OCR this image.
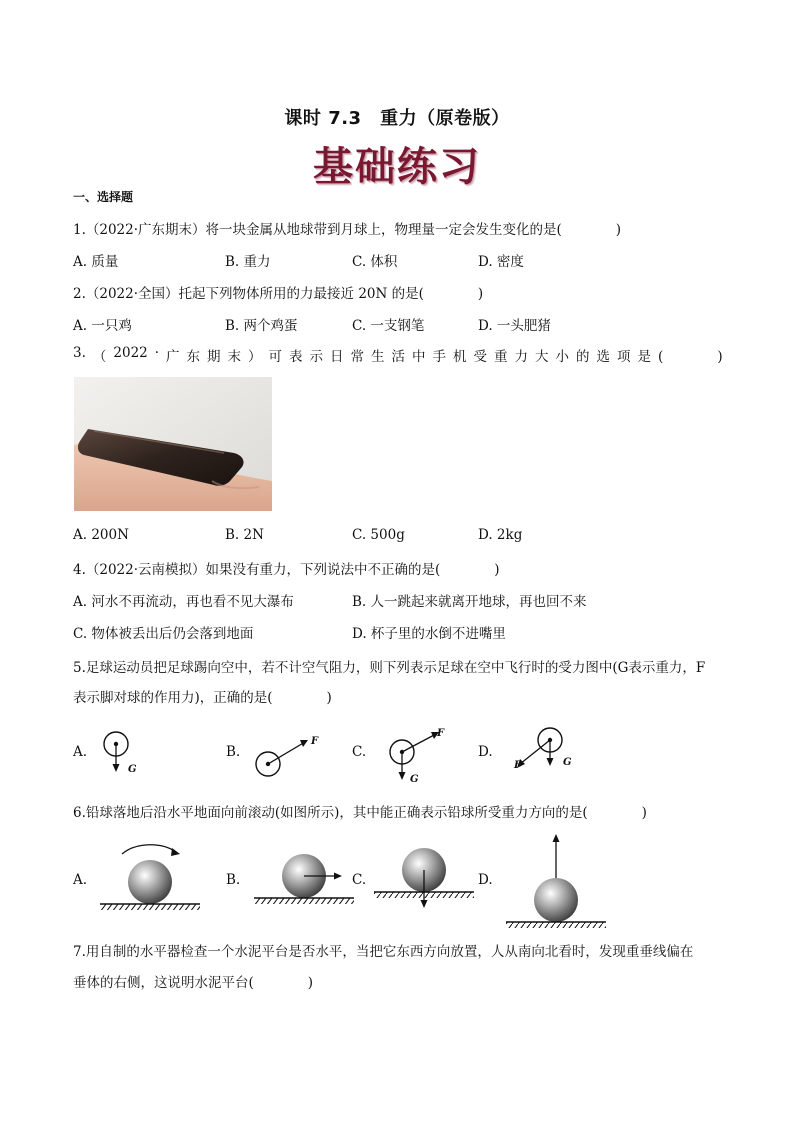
课时 7.3　重力（原卷版）
基础练习
一、选择题
1.（2022·广东期末）将一块金属从地球带到月球上，物理量一定会发生变化的是(　　　　)
A. 质量	B. 重力	C. 体积	D. 密度
2.（2022·全国）托起下列物体所用的力最接近 20N 的是(　　　　)
A. 一只鸡	B. 两个鸡蛋	C. 一支钢笔	D. 一头肥猪
3. （ 2022 · 广 东 期 末 ） 可 表 示 日 常 生 活 中 手 机 受 重 力 大 小 的 选 项 是 (　　　　)
A. 200N	B. 2N	C. 500g	D. 2kg
4.（2022·云南模拟）如果没有重力，下列说法中不正确的是(　　　　)
A. 河水不再流动，再也看不见大瀑布	B. 人一跳起来就离开地球，再也回不来
C. 物体被丢出后仍会落到地面	D. 杯子里的水倒不进嘴里
5.足球运动员把足球踢向空中，若不计空气阻力，则下列表示足球在空中飞行时的受力图中(G表示重力，F
表示脚对球的作用力)，正确的是(　　　　)
A.
G
B.
F
C.
F
G
D.
F	G
6.铅球落地后沿水平地面向前滚动(如图所示)，其中能正确表示铅球所受重力方向的是(　　　　)
A.	B.	C.	D.
7.用自制的水平器检查一个水泥平台是否水平，当把它东西方向放置，人从南向北看时，发现重垂线偏在
垂体的右侧，这说明水泥平台(　　　　)
